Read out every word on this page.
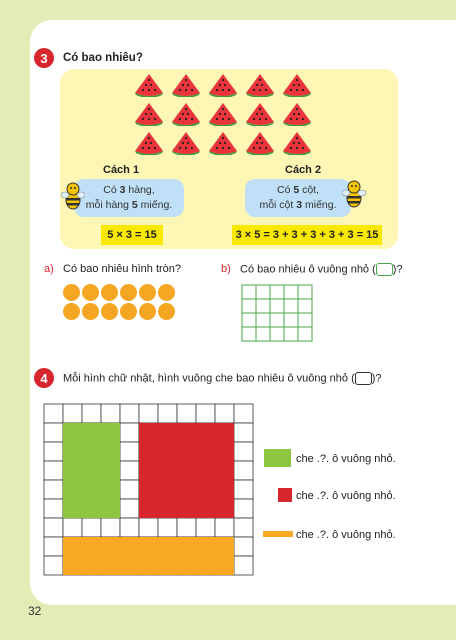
3	Có bao nhiêu?
Cách 1
Có 3 hàng,
mỗi hàng 5 miếng.
5 × 3 = 15
Cách 2
Có 5 cột,
mỗi cột 3 miếng.
3 × 5 = 3 + 3 + 3 + 3 + 3 = 15
a) Có bao nhiêu hình tròn?	b) Có bao nhiêu ô vuông nhỏ ( )?
4	Mỗi hình chữ nhật, hình vuông che bao nhiêu ô vuông nhỏ ( )?
che .?. ô vuông nhỏ.
che .?. ô vuông nhỏ.
che .?. ô vuông nhỏ.
32
